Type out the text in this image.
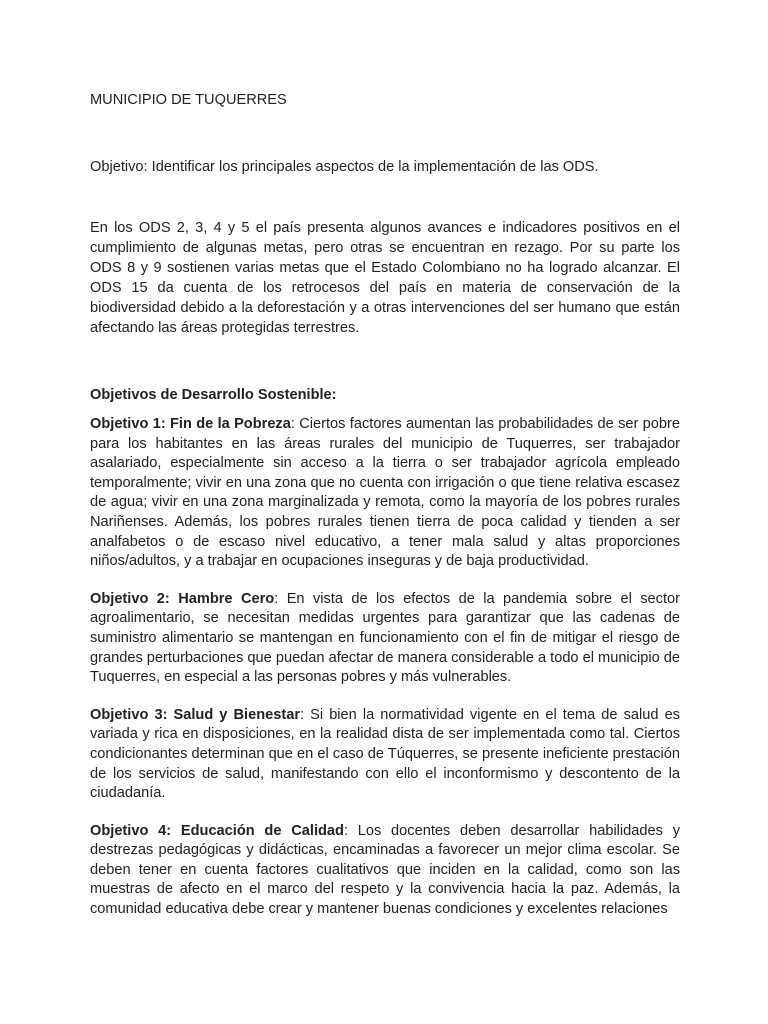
MUNICIPIO DE TUQUERRES

Objetivo: Identificar los principales aspectos de la implementación de las ODS.

En los ODS 2, 3, 4 y 5 el país presenta algunos avances e indicadores positivos en el cumplimiento de algunas metas, pero otras se encuentran en rezago. Por su parte los ODS 8 y 9 sostienen varias metas que el Estado Colombiano no ha logrado alcanzar. El ODS 15 da cuenta de los retrocesos del país en materia de conservación de la biodiversidad debido a la deforestación y a otras intervenciones del ser humano que están afectando las áreas protegidas terrestres.

Objetivos de Desarrollo Sostenible:

Objetivo 1: Fin de la Pobreza: Ciertos factores aumentan las probabilidades de ser pobre para los habitantes en las áreas rurales del municipio de Tuquerres, ser trabajador asalariado, especialmente sin acceso a la tierra o ser trabajador agrícola empleado temporalmente; vivir en una zona que no cuenta con irrigación o que tiene relativa escasez de agua; vivir en una zona marginalizada y remota, como la mayoría de los pobres rurales Nariñenses. Además, los pobres rurales tienen tierra de poca calidad y tienden a ser analfabetos o de escaso nivel educativo, a tener mala salud y altas proporciones niños/adultos, y a trabajar en ocupaciones inseguras y de baja productividad.

Objetivo 2: Hambre Cero: En vista de los efectos de la pandemia sobre el sector agroalimentario, se necesitan medidas urgentes para garantizar que las cadenas de suministro alimentario se mantengan en funcionamiento con el fin de mitigar el riesgo de grandes perturbaciones que puedan afectar de manera considerable a todo el municipio de Tuquerres, en especial a las personas pobres y más vulnerables.

Objetivo 3: Salud y Bienestar: Si bien la normatividad vigente en el tema de salud es variada y rica en disposiciones, en la realidad dista de ser implementada como tal. Ciertos condicionantes determinan que en el caso de Túquerres, se presente ineficiente prestación de los servicios de salud, manifestando con ello el inconformismo y descontento de la ciudadanía.

Objetivo 4: Educación de Calidad: Los docentes deben desarrollar habilidades y destrezas pedagógicas y didácticas, encaminadas a favorecer un mejor clima escolar. Se deben tener en cuenta factores cualitativos que inciden en la calidad, como son las muestras de afecto en el marco del respeto y la convivencia hacia la paz. Además, la comunidad educativa debe crear y mantener buenas condiciones y excelentes relaciones
